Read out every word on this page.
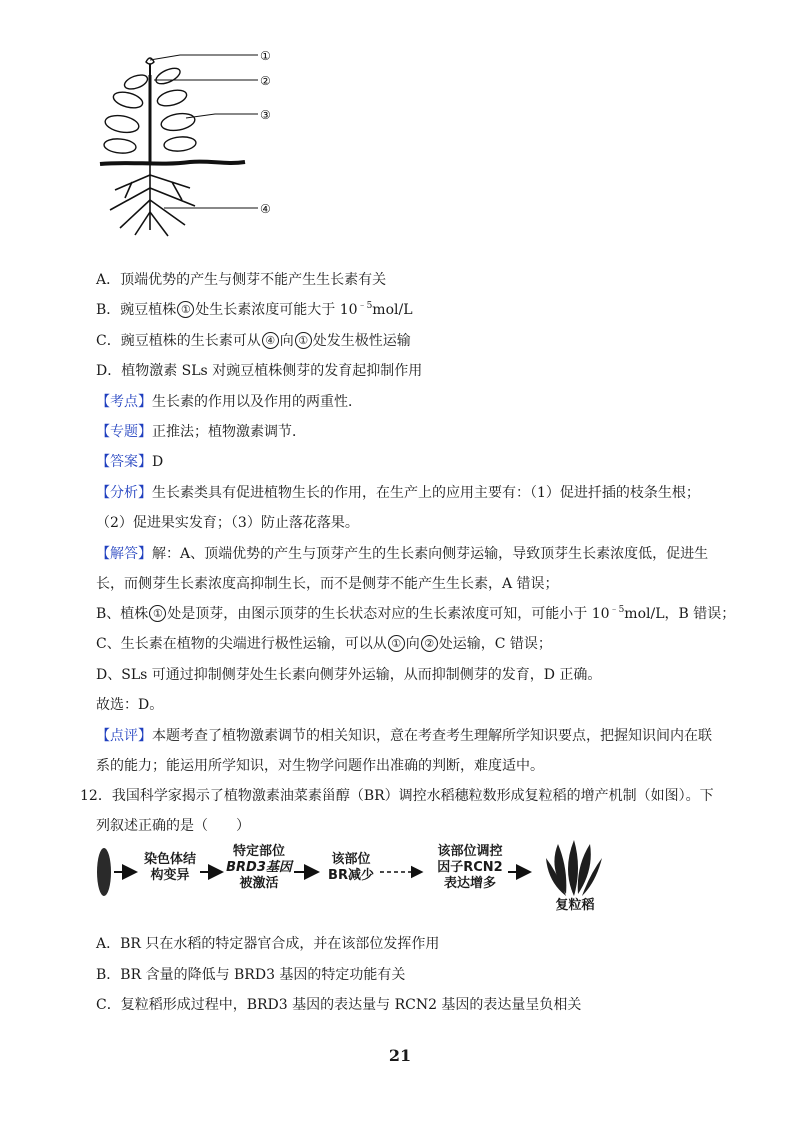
①
②
③
④
A．顶端优势的产生与侧芽不能产生生长素有关
B．豌豆植株 ① 处生长素浓度可能大于 $10^{﹣5}mol/L$
C．豌豆植株的生长素可从 ④ 向 ① 处发生极性运输
D．植物激素 SLs 对豌豆植株侧芽的发育起抑制作用
【考点】生长素的作用以及作用的两重性．
【专题】正推法；植物激素调节．
【答案】D
【分析】生长素类具有促进植物生长的作用，在生产上的应用主要有：（1）促进扦插的枝条生根；
（2）促进果实发育；（3）防止落花落果。
【解答】解：A、顶端优势的产生与顶芽产生的生长素向侧芽运输，导致顶芽生长素浓度低，促进生
长，而侧芽生长素浓度高抑制生长，而不是侧芽不能产生生长素，A 错误；
B、植株 ① 处是顶芽，由图示顶芽的生长状态对应的生长素浓度可知，可能小于 $10^{﹣5}mol/L$，B 错误；
C、生长素在植物的尖端进行极性运输，可以从 ① 向 ② 处运输，C 错误；
D、SLs 可通过抑制侧芽处生长素向侧芽外运输，从而抑制侧芽的发育，D 正确。
故选：D。
【点评】本题考查了植物激素调节的相关知识，意在考查考生理解所学知识要点，把握知识间内在联
系的能力；能运用所学知识，对生物学问题作出准确的判断，难度适中。
12．我国科学家揭示了植物激素油菜素甾醇（BR）调控水稻穗粒数形成复粒稻的增产机制（如图）。下
列叙述正确的是（　　）
染色体结
构变异
特定部位
BRD3基因
被激活
该部位
BR减少
该部位调控
因子RCN2
表达增多
复粒稻
A．BR 只在水稻的特定器官合成，并在该部位发挥作用
B．BR 含量的降低与 BRD3 基因的特定功能有关
C．复粒稻形成过程中，BRD3 基因的表达量与 RCN2 基因的表达量呈负相关
21
